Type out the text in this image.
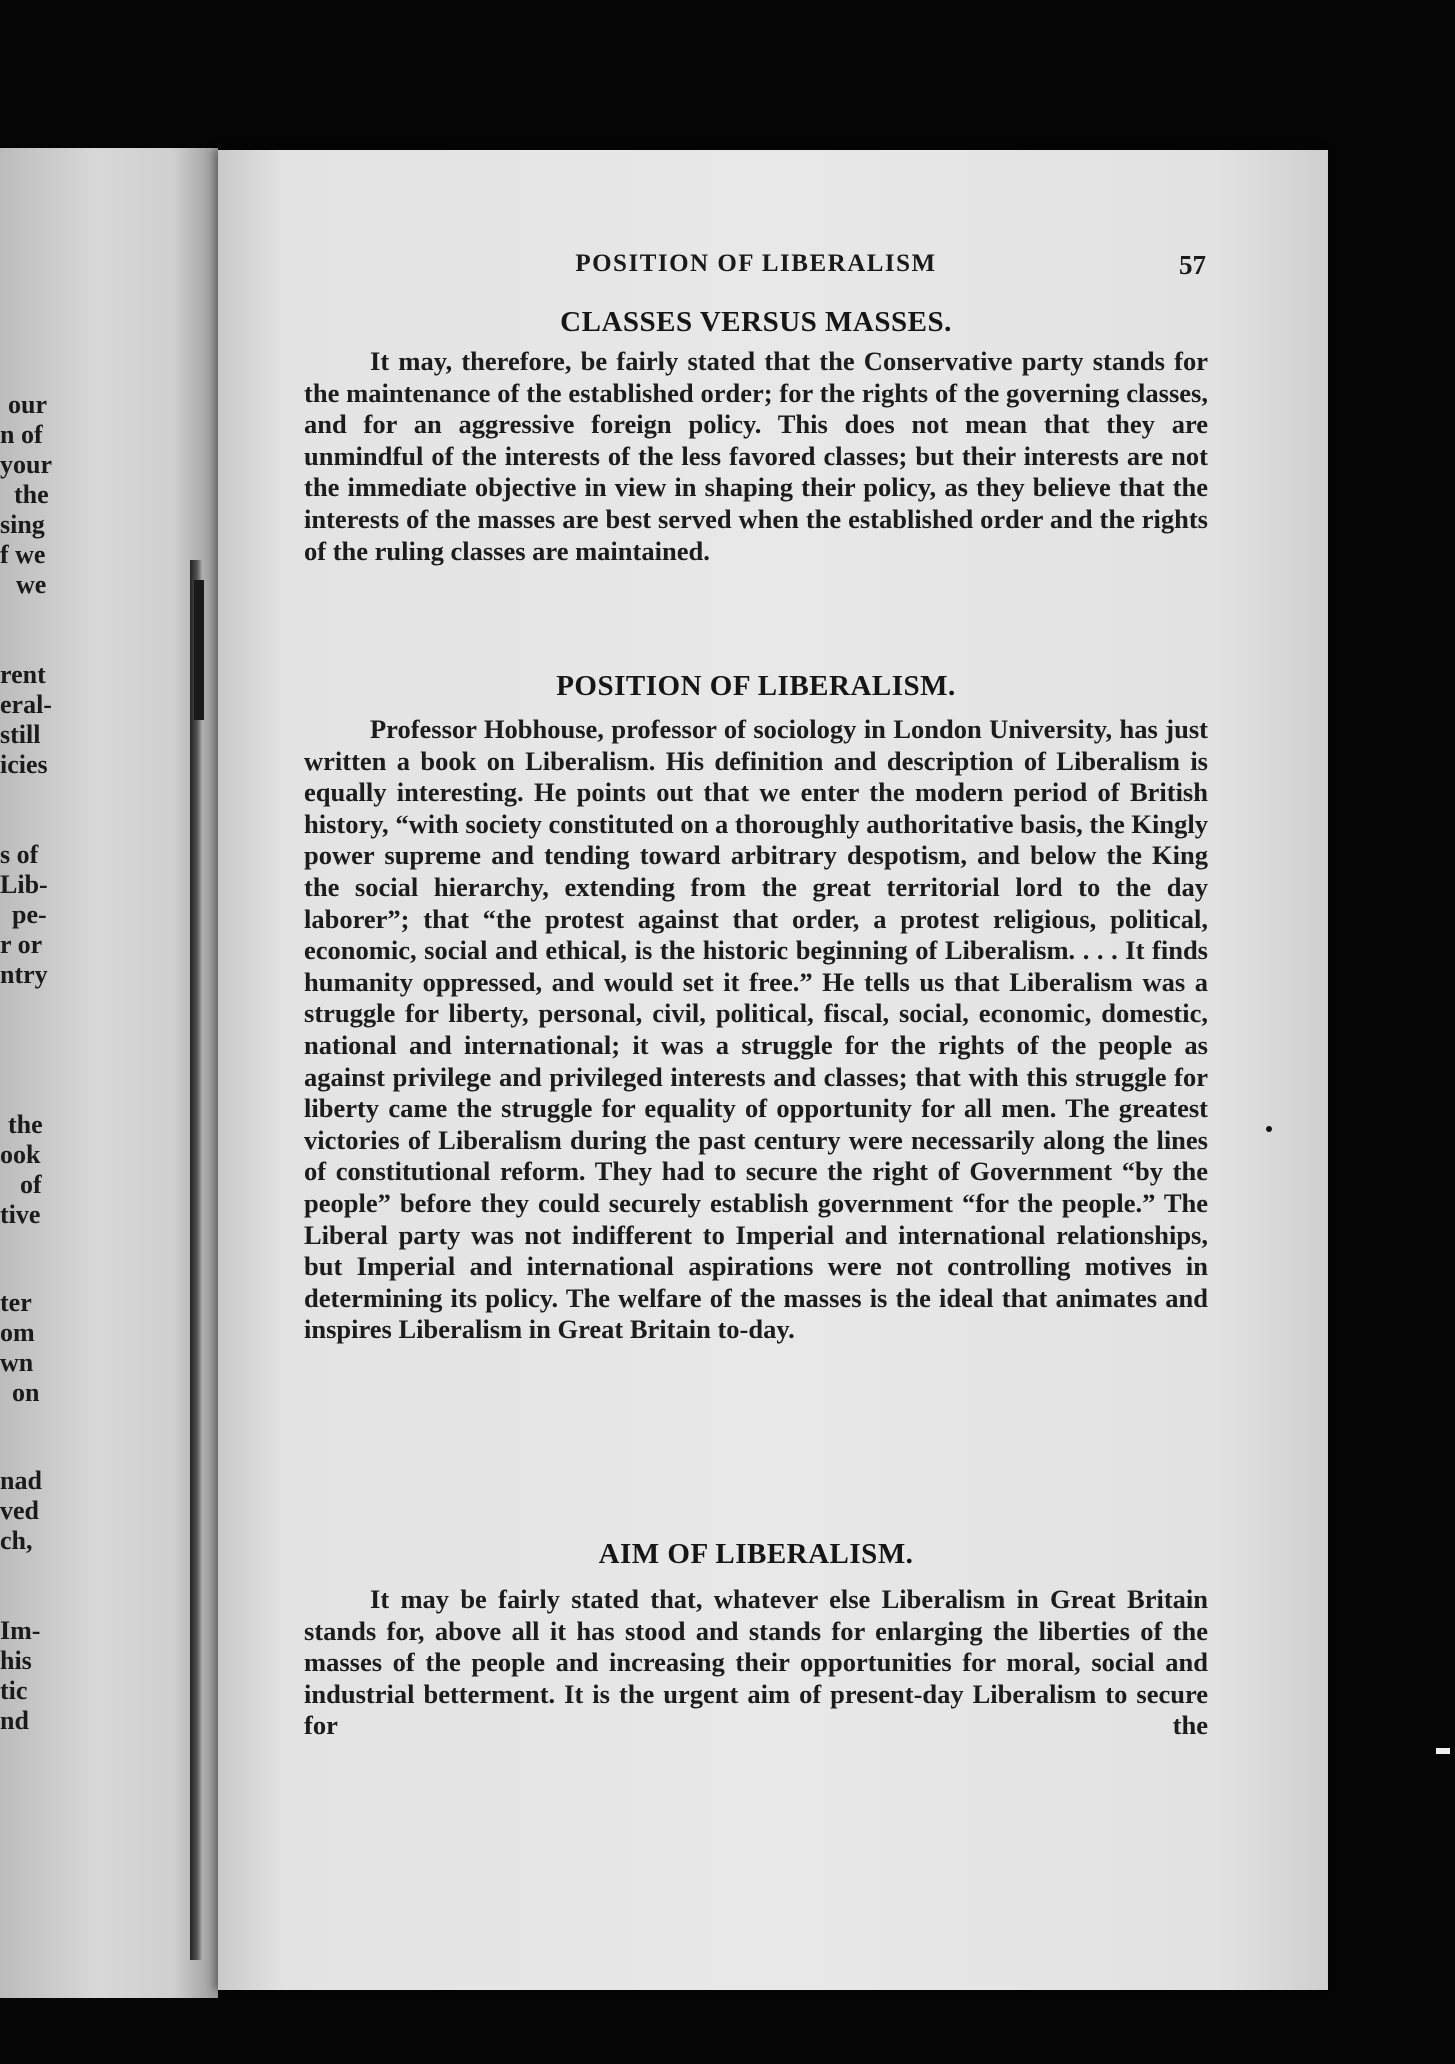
our
n of
your
the
sing
f we
we
rent
eral-
still
icies
s of
Lib-
pe-
r or
ntry
the
ook
of
tive
ter
om
wn
on
nad
ved
ch,
Im-
his
tic
nd
POSITION OF LIBERALISM	57
CLASSES VERSUS MASSES.

It may, therefore, be fairly stated that the Conservative party stands for the maintenance of the established order; for the rights of the governing classes, and for an aggressive foreign policy. This does not mean that they are unmindful of the interests of the less favored classes; but their interests are not the immediate objective in view in shaping their policy, as they believe that the interests of the masses are best served when the established order and the rights of the ruling classes are maintained.

POSITION OF LIBERALISM.

Professor Hobhouse, professor of sociology in London University, has just written a book on Liberalism. His definition and description of Liberalism is equally interesting. He points out that we enter the modern period of British history, “with society constituted on a thoroughly authoritative basis, the Kingly power supreme and tending toward arbitrary despotism, and below the King the social hierarchy, extending from the great territorial lord to the day laborer”; that “the protest against that order, a protest religious, political, economic, social and ethical, is the historic beginning of Liberalism. . . . It finds humanity oppressed, and would set it free.” He tells us that Liberalism was a struggle for liberty, personal, civil, political, fiscal, social, economic, domestic, national and international; it was a struggle for the rights of the people as against privilege and privileged interests and classes; that with this struggle for liberty came the struggle for equality of opportunity for all men. The greatest victories of Liberalism during the past century were necessarily along the lines of constitutional reform. They had to secure the right of Government “by the people” before they could securely establish government “for the people.” The Liberal party was not indifferent to Imperial and international relationships, but Imperial and international aspirations were not controlling motives in determining its policy. The welfare of the masses is the ideal that animates and inspires Liberalism in Great Britain to-day.

AIM OF LIBERALISM.

It may be fairly stated that, whatever else Liberalism in Great Britain stands for, above all it has stood and stands for enlarging the liberties of the masses of the people and increasing their opportunities for moral, social and industrial betterment. It is the urgent aim of present-day Liberalism to secure for the
